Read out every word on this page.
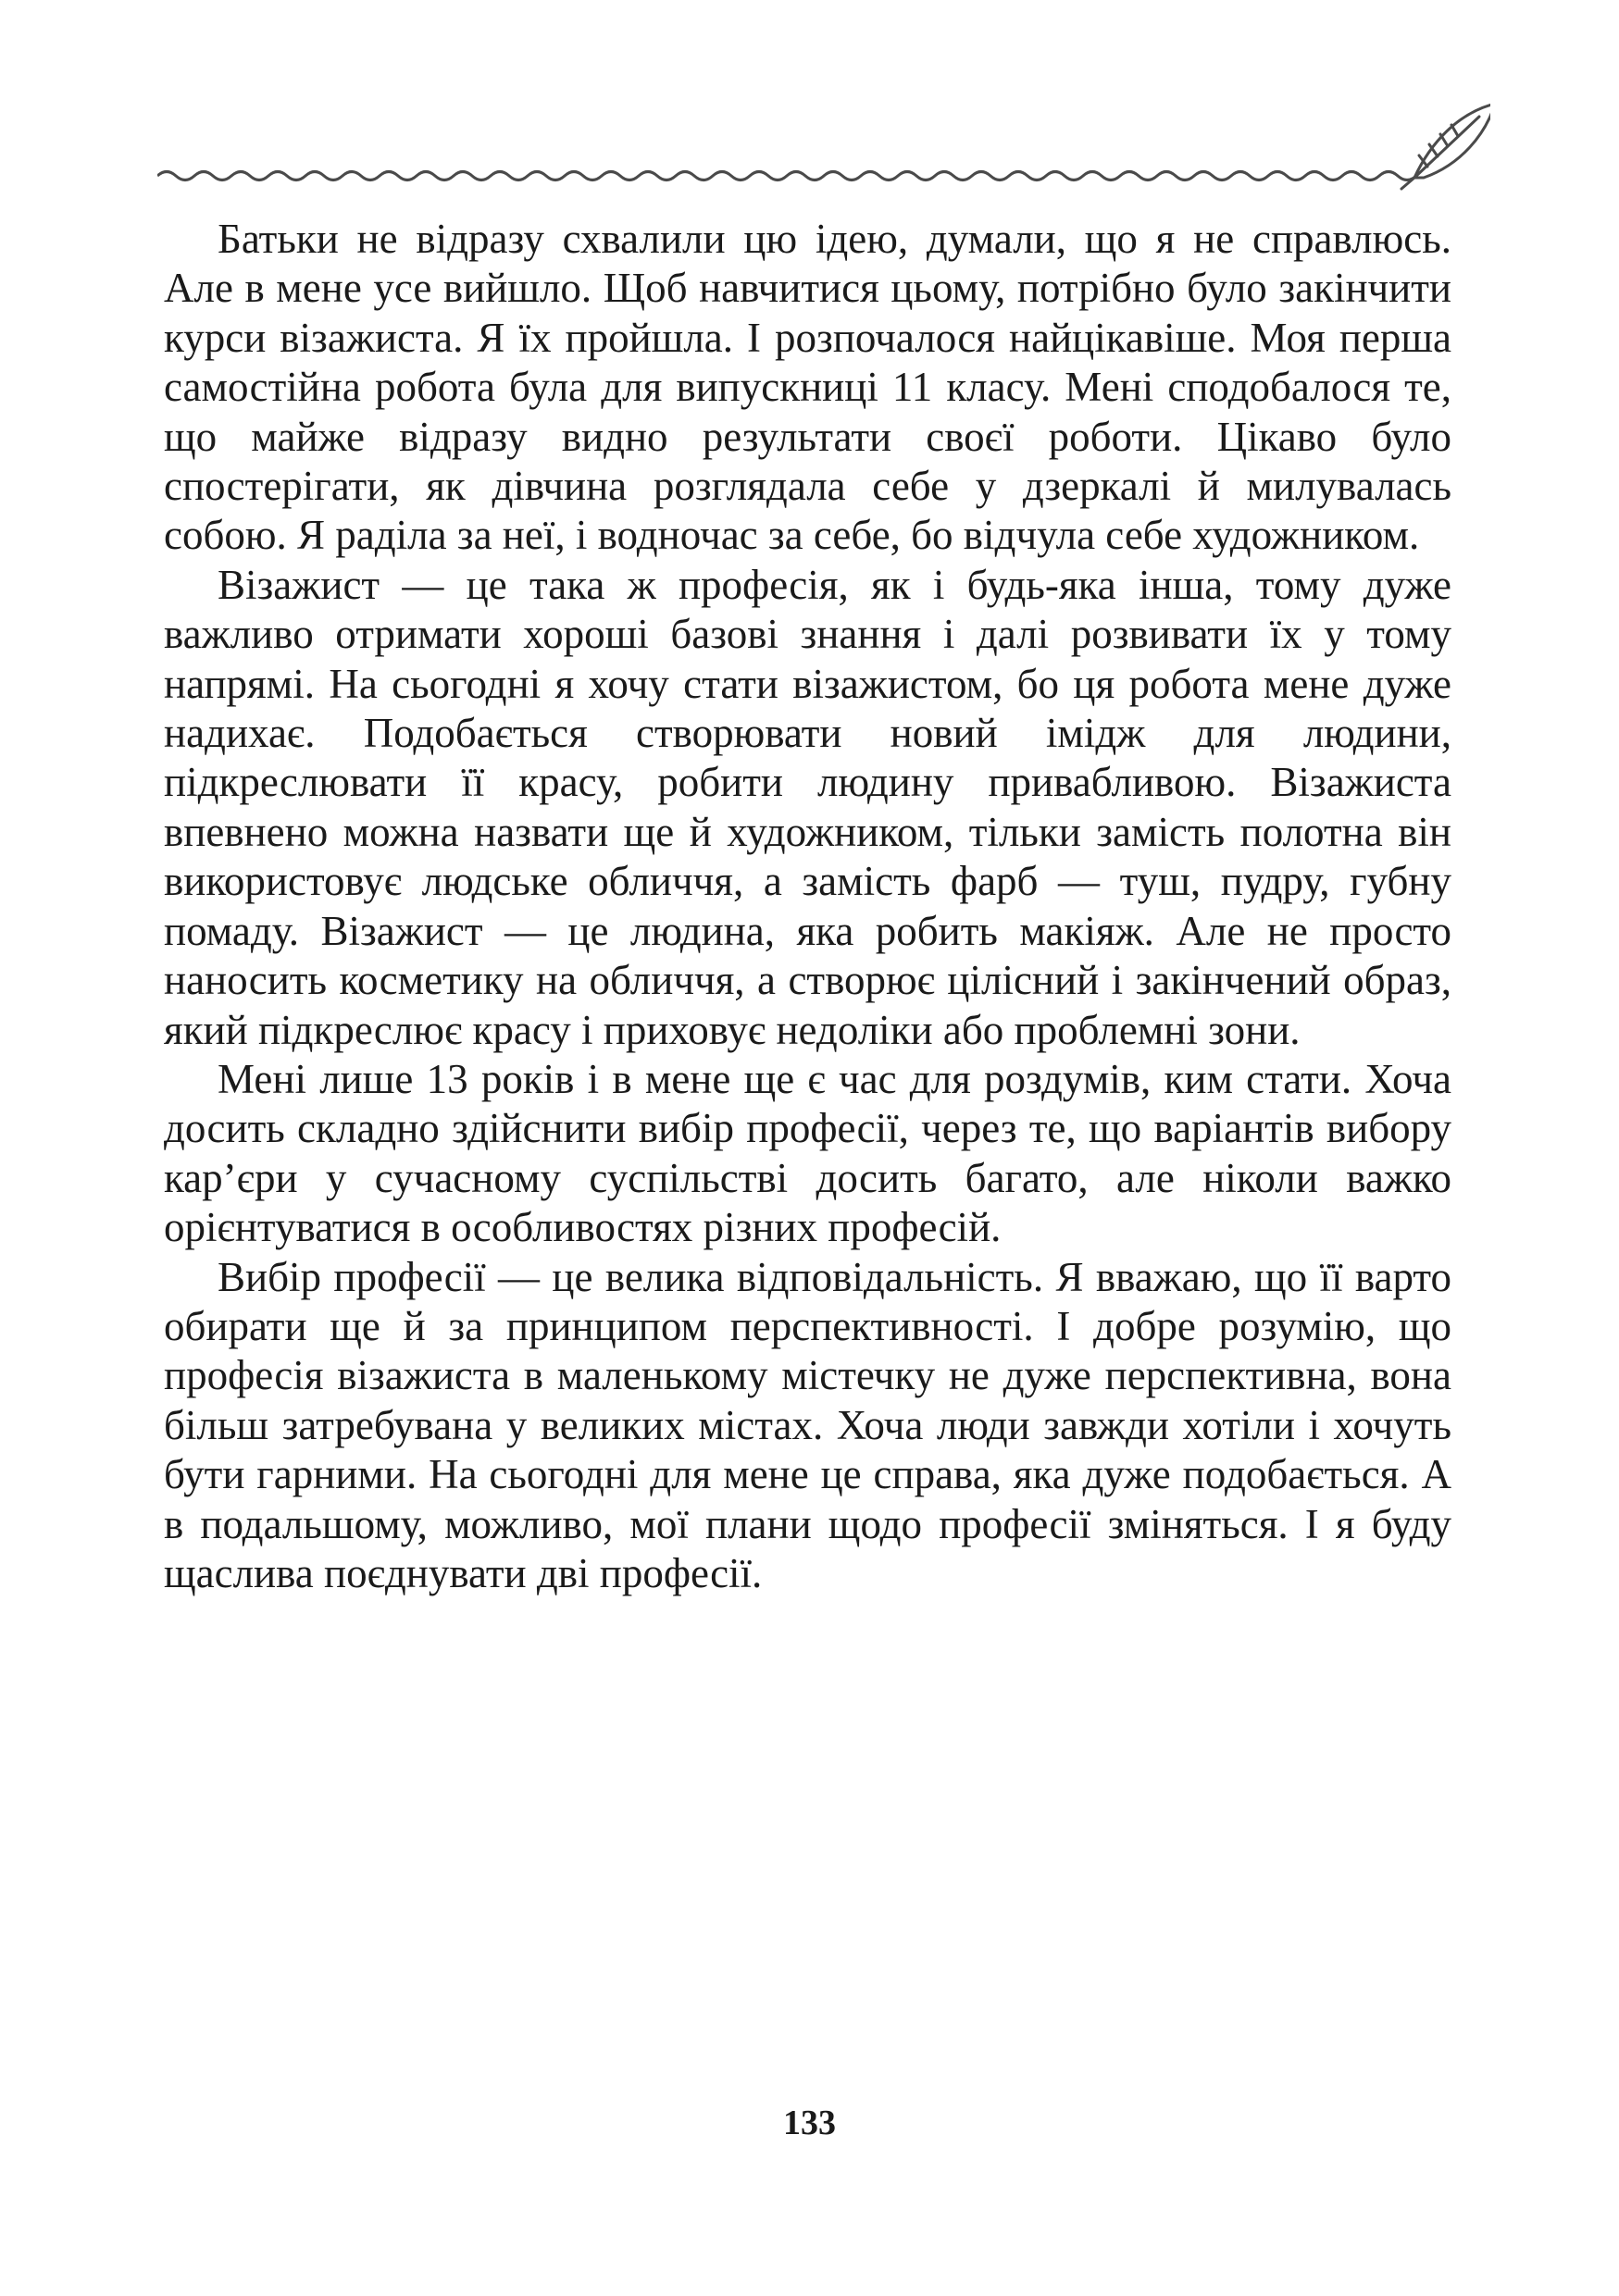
Батьки не відразу схвалили цю ідею, думали, що я не справлюсь. Але в мене усе вийшло. Щоб навчитися цьому, потрібно було закінчити курси візажиста. Я їх пройшла. І розпочалося найцікавіше. Моя перша самостійна робота була для випускниці 11 класу. Мені сподобалося те, що майже відразу видно результати своєї роботи. Цікаво було спостерігати, як дівчина розглядала себе у дзеркалі й милувалась собою. Я раділа за неї, і водночас за себе, бо відчула себе художником.

Візажист — це така ж професія, як і будь-яка інша, тому дуже важливо отримати хороші базові знання і далі розвивати їх у тому напрямі. На сьогодні я хочу стати візажистом, бо ця робота мене дуже надихає. Подобається створювати новий імідж для людини, підкреслювати її красу, робити людину привабливою. Візажиста впевнено можна назвати ще й художником, тільки замість полотна він використовує людське обличчя, а замість фарб — туш, пудру, губну помаду. Візажист — це людина, яка робить макіяж. Але не просто наносить косметику на обличчя, а створює цілісний і закінчений образ, який підкреслює красу і приховує недоліки або проблемні зони.

Мені лише 13 років і в мене ще є час для роздумів, ким стати. Хоча досить складно здійснити вибір професії, через те, що варіантів вибору кар’єри у сучасному суспільстві досить багато, але ніколи важко орієнтуватися в особливостях різних професій.

Вибір професії — це велика відповідальність. Я вважаю, що її варто обирати ще й за принципом перспективності. І добре розумію, що професія візажиста в маленькому містечку не дуже перспективна, вона більш затребувана у великих містах. Хоча люди завжди хотіли і хочуть бути гарними. На сьогодні для мене це справа, яка дуже подобається. А в подальшому, можливо, мої плани щодо професії зміняться. І я буду щаслива поєднувати дві професії.

133
